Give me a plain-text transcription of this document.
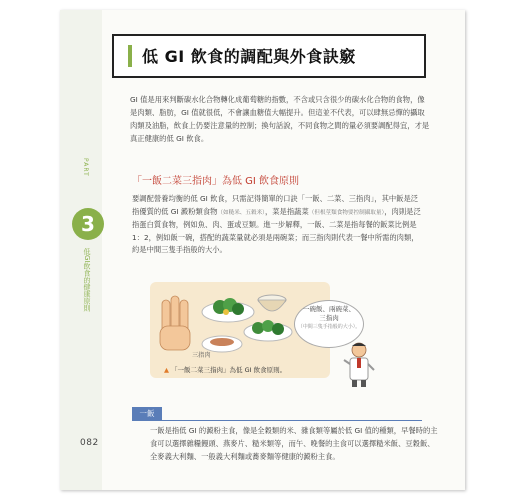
低 GI 飲食的調配與外食訣竅

GI 值是用來判斷碳水化合物轉化成葡萄糖的指數，不含或只含很少的碳水化合物的食物，像是肉類、脂肪，GI 值就很低，不會讓血糖值大幅提升。但這並不代表，可以肆無忌憚的攝取肉類及油脂，飲食上仍要注意量的控制；換句話說，不同食物之間的量必須要調配得宜，才是真正健康的低 GI 飲食。

PART
3
低GI飲食的健康原則
「一飯二菜三指肉」為低 GI 飲食原則

要調配營養均衡的低 GI 飲食，只需記得簡單的口訣「一飯、二菜、三指肉」，其中飯是泛指優質的低 GI 澱粉類食物（如糙米、五穀米），菜是指蔬菜（但根莖類食物要控制攝取量），肉則是泛指蛋白質食物，例如魚、肉、蛋或豆類。進一步解釋，一飯、二菜是指每餐的飯菜比例是 1：2，例如飯一碗，搭配的蔬菜量就必須是兩碗菜；而三指肉則代表一餐中所需的肉類，約是中間三隻手指般的大小。

三指肉
▲ 「一飯二菜三指肉」為低 GI 飲食原則。
一碗飯、兩碗菜、
三指肉
（中間三隻手指般的大小）。
一飯

一飯是指低 GI 的澱粉主食，像是全穀類的米、雜食類等屬於低 GI 值的種類，早餐時的主食可以選擇雜糧饅頭、燕麥片、糙米類等，而午、晚餐的主食可以選擇糙米飯、豆穀飯、全麥義大利麵、一般義大利麵或蕎麥麵等健康的澱粉主食。

082
